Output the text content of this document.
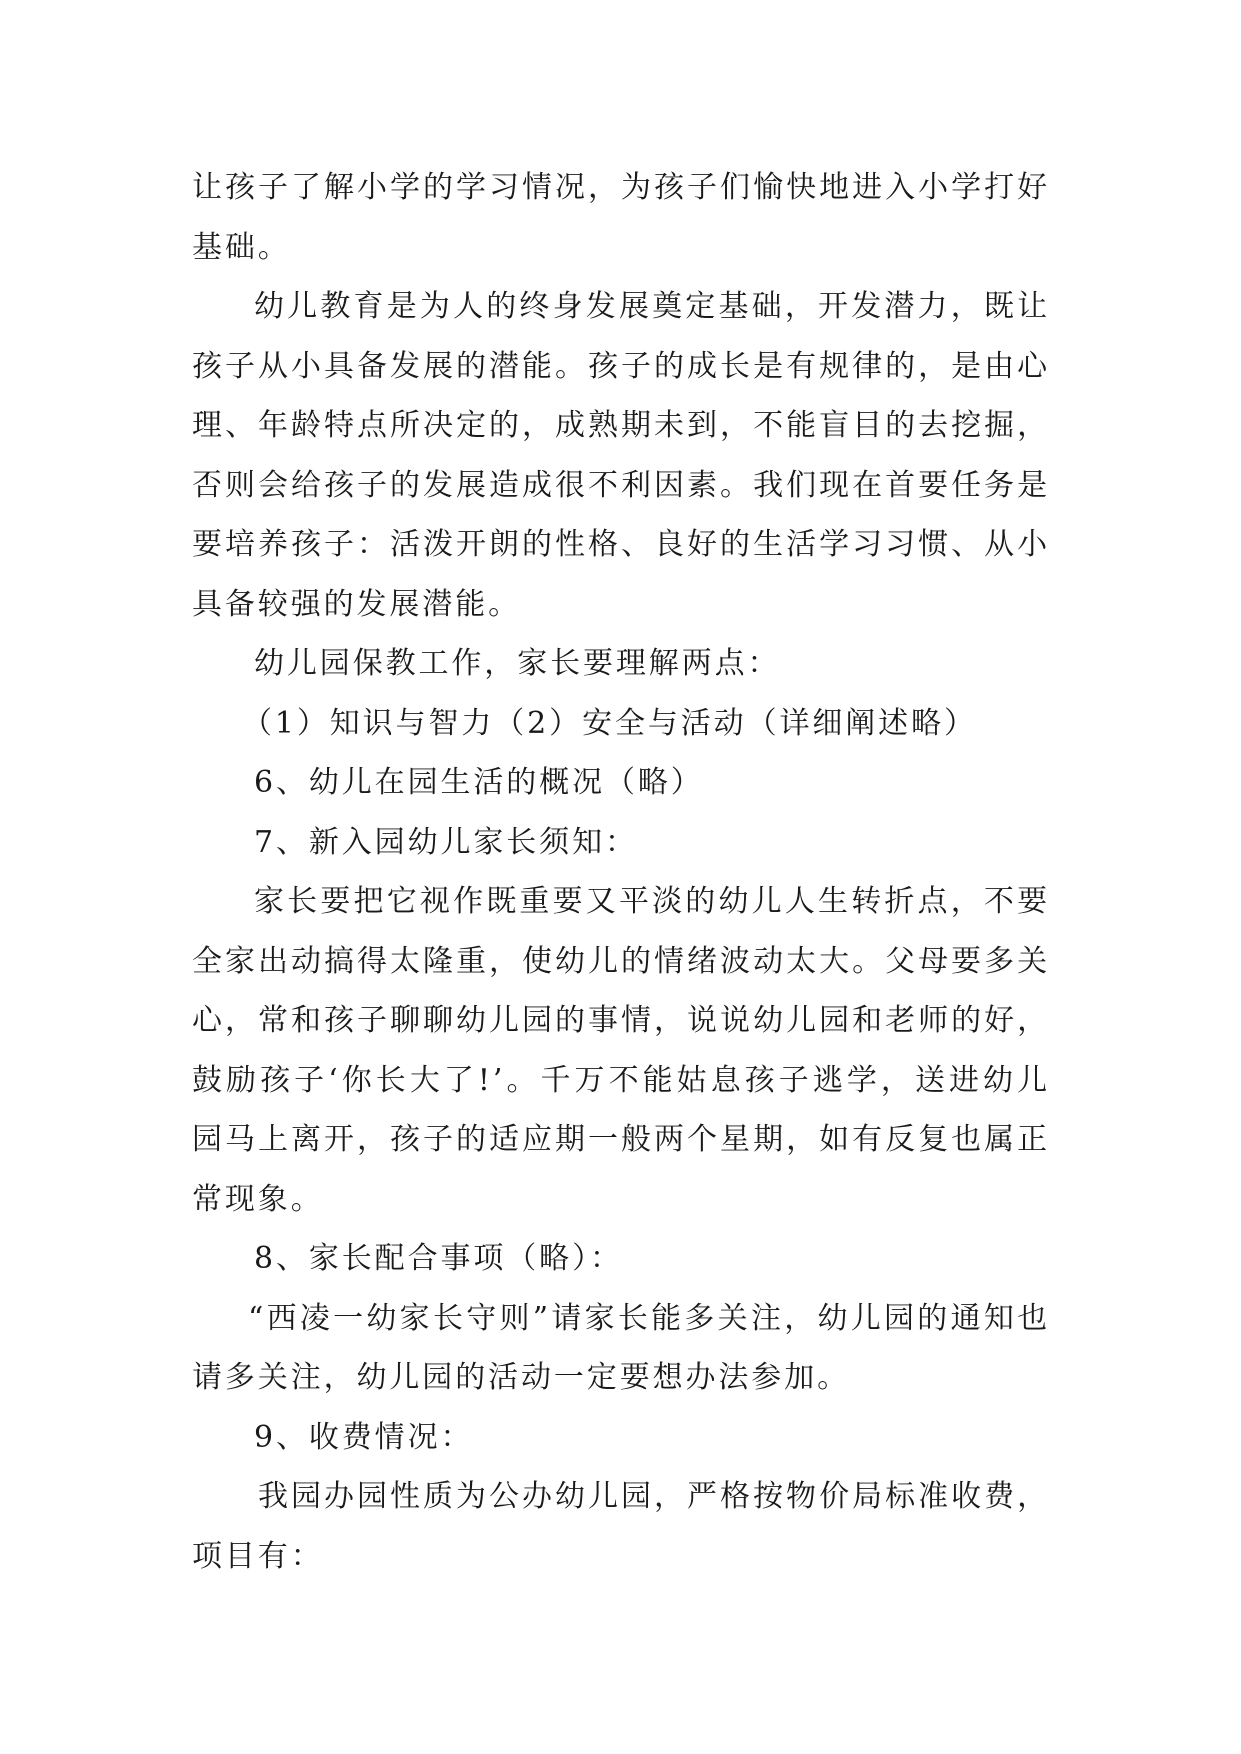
让孩子了解小学的学习情况，为孩子们愉快地进入小学打好基础。

幼儿教育是为人的终身发展奠定基础，开发潜力，既让孩子从小具备发展的潜能。孩子的成长是有规律的，是由心理、年龄特点所决定的，成熟期未到，不能盲目的去挖掘，否则会给孩子的发展造成很不利因素。我们现在首要任务是要培养孩子：活泼开朗的性格、良好的生活学习习惯、从小具备较强的发展潜能。

幼儿园保教工作，家长要理解两点：

（1）知识与智力（2）安全与活动（详细阐述略）

6、幼儿在园生活的概况（略）

7、新入园幼儿家长须知：

家长要把它视作既重要又平淡的幼儿人生转折点，不要全家出动搞得太隆重，使幼儿的情绪波动太大。父母要多关心，常和孩子聊聊幼儿园的事情，说说幼儿园和老师的好，鼓励孩子‘你长大了!’。千万不能姑息孩子逃学，送进幼儿园马上离开，孩子的适应期一般两个星期，如有反复也属正常现象。

8、家长配合事项（略）：

“西凌一幼家长守则”请家长能多关注，幼儿园的通知也请多关注，幼儿园的活动一定要想办法参加。

9、收费情况：

我园办园性质为公办幼儿园，严格按物价局标准收费，项目有：
